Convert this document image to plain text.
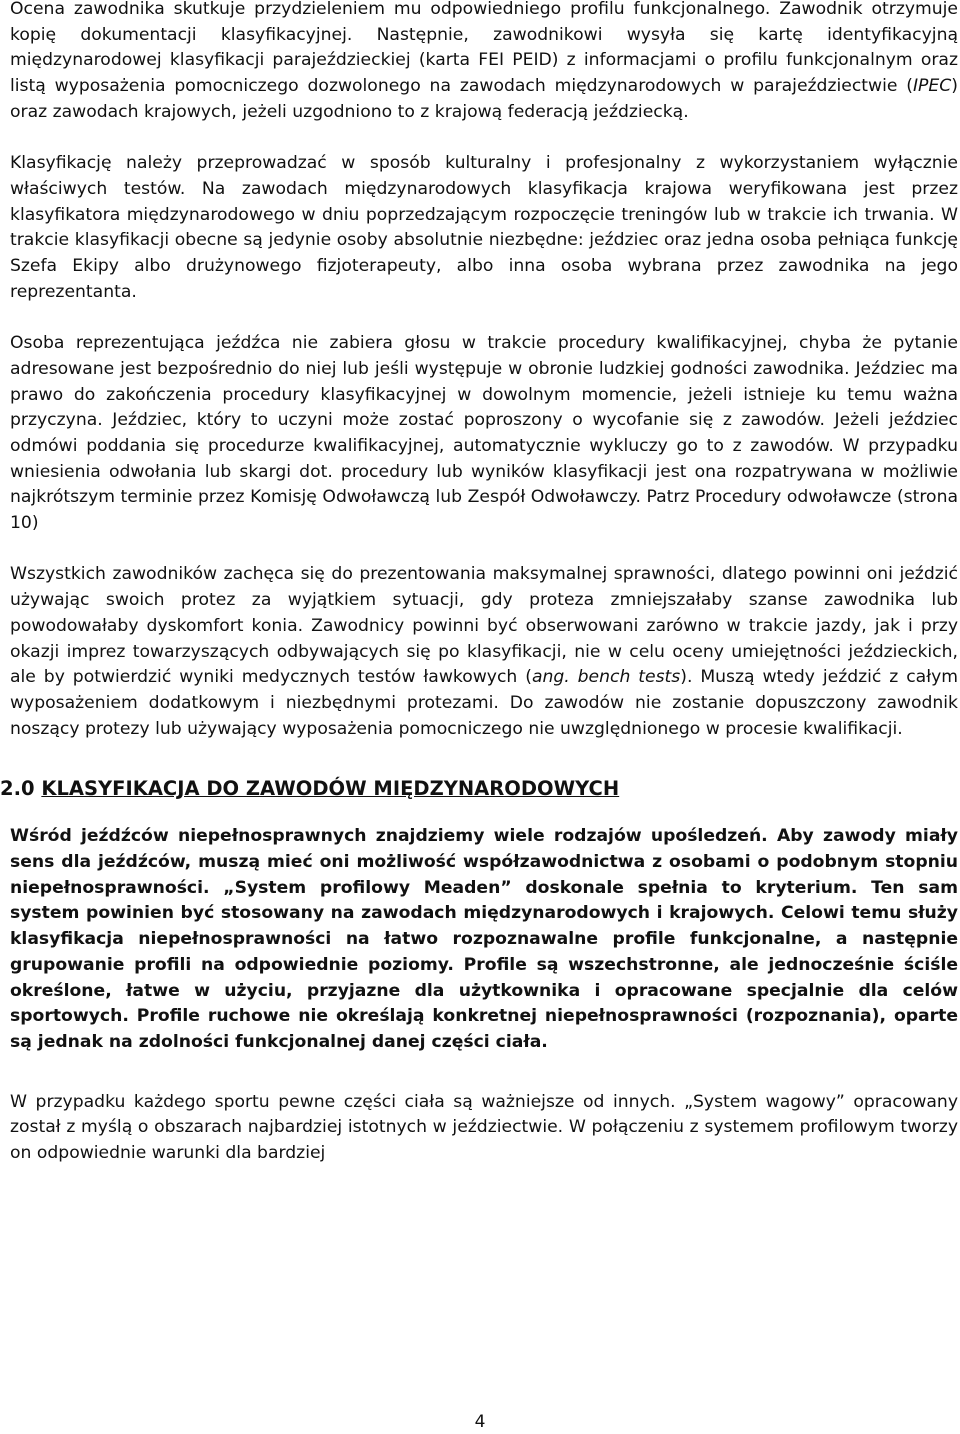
Ocena zawodnika skutkuje przydzieleniem mu odpowiedniego profilu funkcjonalnego. Zawodnik otrzymuje kopię dokumentacji klasyfikacyjnej. Następnie, zawodnikowi wysyła się kartę identyfikacyjną międzynarodowej klasyfikacji parajeździeckiej (karta FEI PEID) z informacjami o profilu funkcjonalnym oraz listą wyposażenia pomocniczego dozwolonego na zawodach międzynarodowych w parajeździectwie (IPEC) oraz zawodach krajowych, jeżeli uzgodniono to z krajową federacją jeździecką.

Klasyfikację należy przeprowadzać w sposób kulturalny i profesjonalny z wykorzystaniem wyłącznie właściwych testów. Na zawodach międzynarodowych klasyfikacja krajowa weryfikowana jest przez klasyfikatora międzynarodowego w dniu poprzedzającym rozpoczęcie treningów lub w trakcie ich trwania. W trakcie klasyfikacji obecne są jedynie osoby absolutnie niezbędne: jeździec oraz jedna osoba pełniąca funkcję Szefa Ekipy albo drużynowego fizjoterapeuty, albo inna osoba wybrana przez zawodnika na jego reprezentanta.

Osoba reprezentująca jeźdźca nie zabiera głosu w trakcie procedury kwalifikacyjnej, chyba że pytanie adresowane jest bezpośrednio do niej lub jeśli występuje w obronie ludzkiej godności zawodnika. Jeździec ma prawo do zakończenia procedury klasyfikacyjnej w dowolnym momencie, jeżeli istnieje ku temu ważna przyczyna. Jeździec, który to uczyni może zostać poproszony o wycofanie się z zawodów. Jeżeli jeździec odmówi poddania się procedurze kwalifikacyjnej, automatycznie wykluczy go to z zawodów. W przypadku wniesienia odwołania lub skargi dot. procedury lub wyników klasyfikacji jest ona rozpatrywana w możliwie najkrótszym terminie przez Komisję Odwoławczą lub Zespół Odwoławczy. Patrz Procedury odwoławcze (strona 10)

Wszystkich zawodników zachęca się do prezentowania maksymalnej sprawności, dlatego powinni oni jeździć używając swoich protez za wyjątkiem sytuacji, gdy proteza zmniejszałaby szanse zawodnika lub powodowałaby dyskomfort konia. Zawodnicy powinni być obserwowani zarówno w trakcie jazdy, jak i przy okazji imprez towarzyszących odbywających się po klasyfikacji, nie w celu oceny umiejętności jeździeckich, ale by potwierdzić wyniki medycznych testów ławkowych (ang. bench tests). Muszą wtedy jeździć z całym wyposażeniem dodatkowym i niezbędnymi protezami. Do zawodów nie zostanie dopuszczony zawodnik noszący protezy lub używający wyposażenia pomocniczego nie uwzględnionego w procesie kwalifikacji.

2.0 KLASYFIKACJA DO ZAWODÓW MIĘDZYNARODOWYCH

Wśród jeźdźców niepełnosprawnych znajdziemy wiele rodzajów upośledzeń. Aby zawody miały sens dla jeźdźców, muszą mieć oni możliwość współzawodnictwa z osobami o podobnym stopniu niepełnosprawności. „System profilowy Meaden” doskonale spełnia to kryterium. Ten sam system powinien być stosowany na zawodach międzynarodowych i krajowych. Celowi temu służy klasyfikacja niepełnosprawności na łatwo rozpoznawalne profile funkcjonalne, a następnie grupowanie profili na odpowiednie poziomy. Profile są wszechstronne, ale jednocześnie ściśle określone, łatwe w użyciu, przyjazne dla użytkownika i opracowane specjalnie dla celów sportowych. Profile ruchowe nie określają konkretnej niepełnosprawności (rozpoznania), oparte są jednak na zdolności funkcjonalnej danej części ciała.

W przypadku każdego sportu pewne części ciała są ważniejsze od innych. „System wagowy” opracowany został z myślą o obszarach najbardziej istotnych w jeździectwie. W połączeniu z systemem profilowym tworzy on odpowiednie warunki dla bardziej

4
